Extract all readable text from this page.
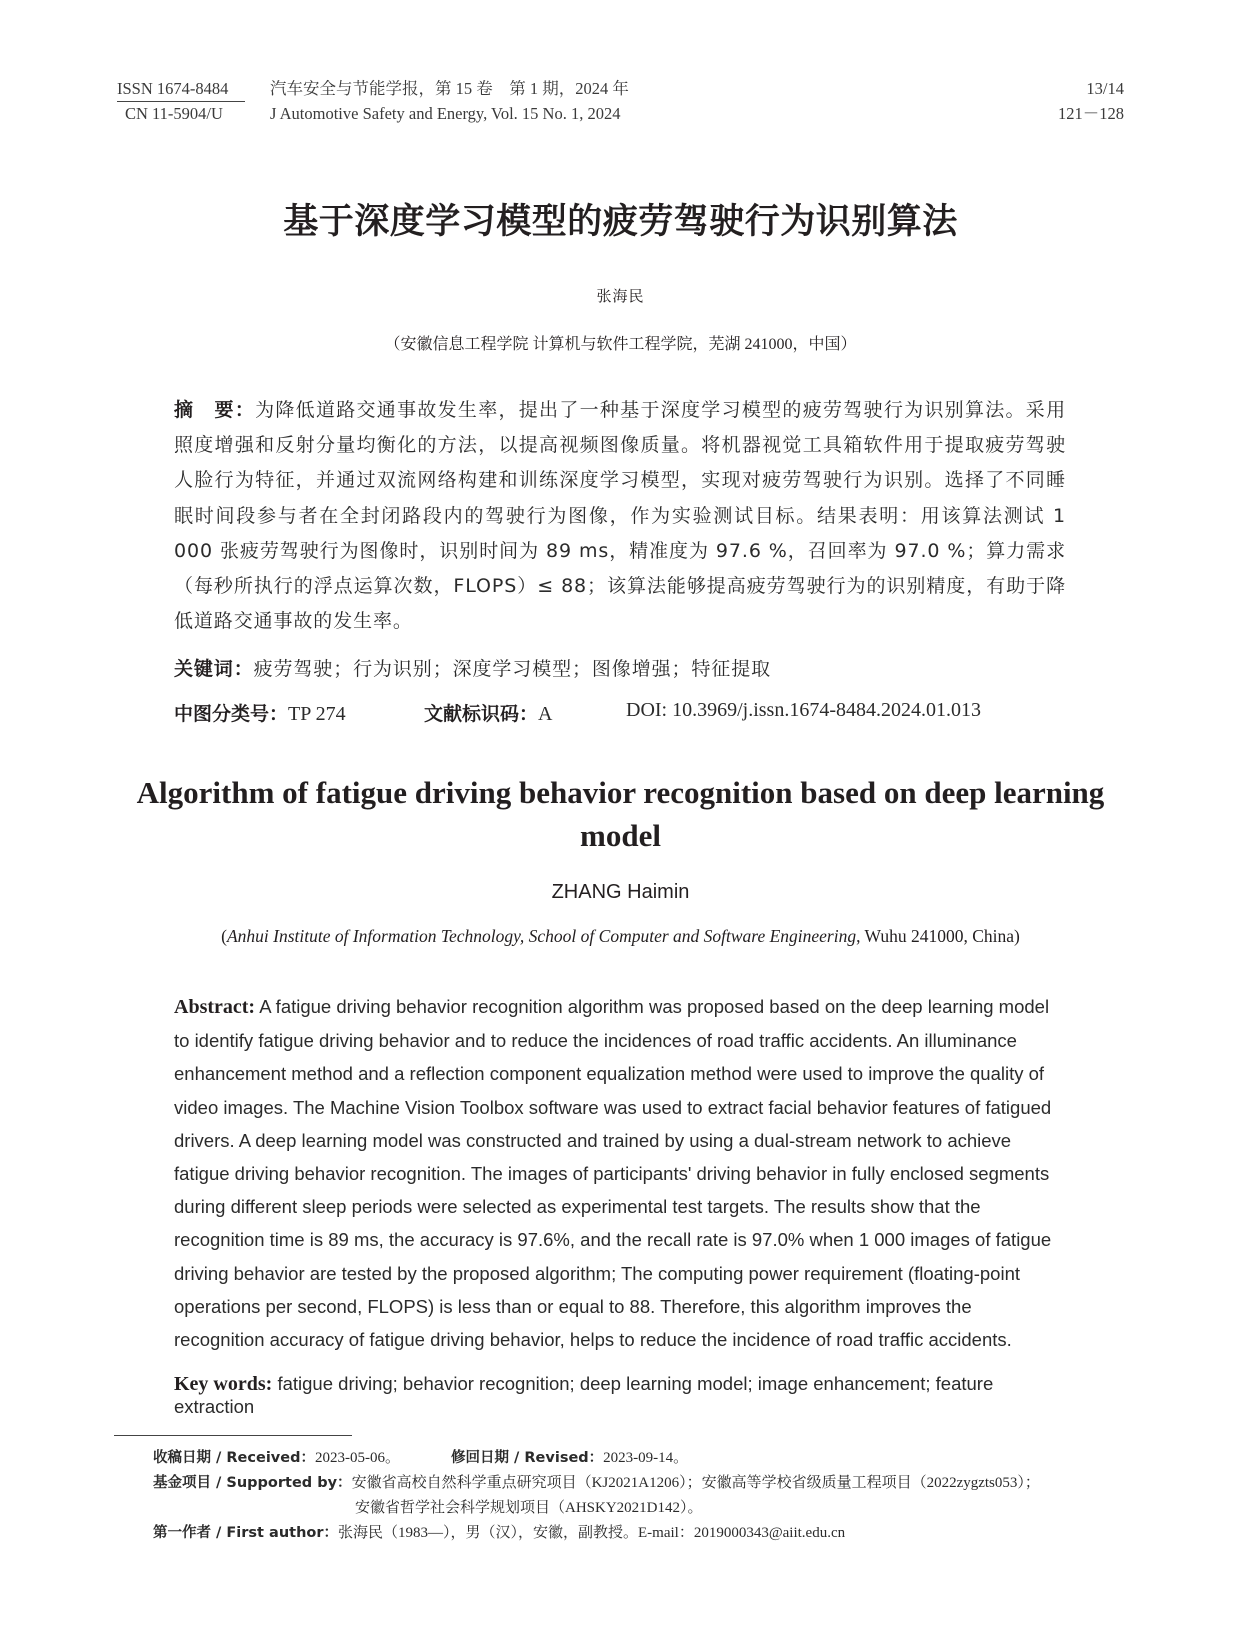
ISSN 1674-8484
CN 11-5904/U
汽车安全与节能学报，第 15 卷　第 1 期，2024 年
J Automotive Safety and Energy, Vol. 15 No. 1, 2024
13/14
121－128
基于深度学习模型的疲劳驾驶行为识别算法
张海民
（安徽信息工程学院 计算机与软件工程学院，芜湖 241000，中国）
摘　要：为降低道路交通事故发生率，提出了一种基于深度学习模型的疲劳驾驶行为识别算法。采用照度增强和反射分量均衡化的方法，以提高视频图像质量。将机器视觉工具箱软件用于提取疲劳驾驶人脸行为特征，并通过双流网络构建和训练深度学习模型，实现对疲劳驾驶行为识别。选择了不同睡眠时间段参与者在全封闭路段内的驾驶行为图像，作为实验测试目标。结果表明：用该算法测试 1 000 张疲劳驾驶行为图像时，识别时间为 89 ms，精准度为 97.6 %，召回率为 97.0 %；算力需求（每秒所执行的浮点运算次数，FLOPS）≤ 88；该算法能够提高疲劳驾驶行为的识别精度，有助于降低道路交通事故的发生率。
关键词：疲劳驾驶；行为识别；深度学习模型；图像增强；特征提取
中图分类号：TP 274	文献标识码：A	DOI: 10.3969/j.issn.1674-8484.2024.01.013
Algorithm of fatigue driving behavior recognition based on deep learning model
ZHANG Haimin
(Anhui Institute of Information Technology, School of Computer and Software Engineering, Wuhu 241000, China)
Abstract: A fatigue driving behavior recognition algorithm was proposed based on the deep learning model to identify fatigue driving behavior and to reduce the incidences of road traffic accidents. An illuminance enhancement method and a reflection component equalization method were used to improve the quality of video images. The Machine Vision Toolbox software was used to extract facial behavior features of fatigued drivers. A deep learning model was constructed and trained by using a dual-stream network to achieve fatigue driving behavior recognition. The images of participants' driving behavior in fully enclosed segments during different sleep periods were selected as experimental test targets. The results show that the recognition time is 89 ms, the accuracy is 97.6%, and the recall rate is 97.0% when 1 000 images of fatigue driving behavior are tested by the proposed algorithm; The computing power requirement (floating-point operations per second, FLOPS) is less than or equal to 88. Therefore, this algorithm improves the recognition accuracy of fatigue driving behavior, helps to reduce the incidence of road traffic accidents.
Key words: fatigue driving; behavior recognition; deep learning model; image enhancement; feature extraction
收稿日期 / Received：2023-05-06。	修回日期 / Revised：2023-09-14。
基金项目 / Supported by：安徽省高校自然科学重点研究项目（KJ2021A1206）；安徽高等学校省级质量工程项目（2022zygzts053）；
安徽省哲学社会科学规划项目（AHSKY2021D142）。
第一作者 / First author：张海民（1983—），男（汉），安徽，副教授。E-mail：2019000343@aiit.edu.cn
